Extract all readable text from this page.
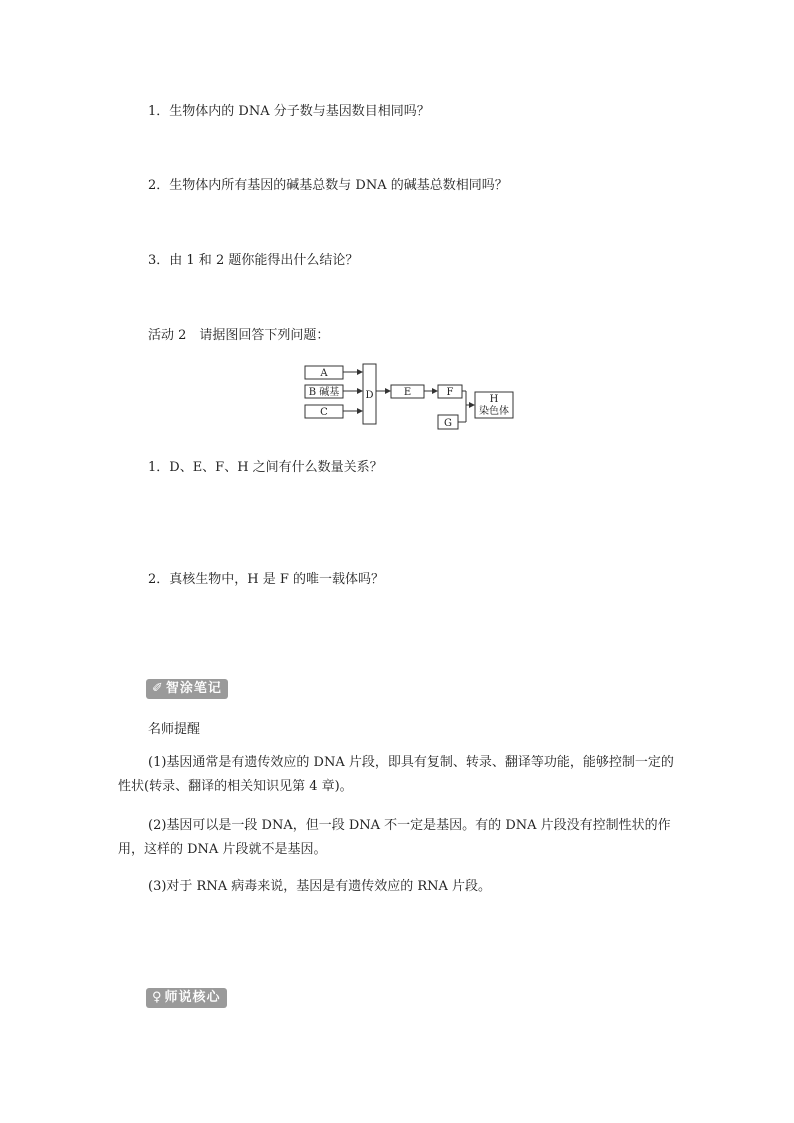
1．生物体内的 DNA 分子数与基因数目相同吗？
2．生物体内所有基因的碱基总数与 DNA 的碱基总数相同吗？
3．由 1 和 2 题你能得出什么结论？
活动 2　请据图回答下列问题：
A
B 碱基
C
D	E	F
G
H
染色体
1．D、E、F、H 之间有什么数量关系？
2．真核生物中，H 是 F 的唯一载体吗？
✐ 智涂笔记
名师提醒
(1)基因通常是有遗传效应的 DNA 片段，即具有复制、转录、翻译等功能，能够控制一定的性状(转录、翻译的相关知识见第 4 章)。
(2)基因可以是一段 DNA，但一段 DNA 不一定是基因。有的 DNA 片段没有控制性状的作用，这样的 DNA 片段就不是基因。
(3)对于 RNA 病毒来说，基因是有遗传效应的 RNA 片段。
♀ 师说核心
